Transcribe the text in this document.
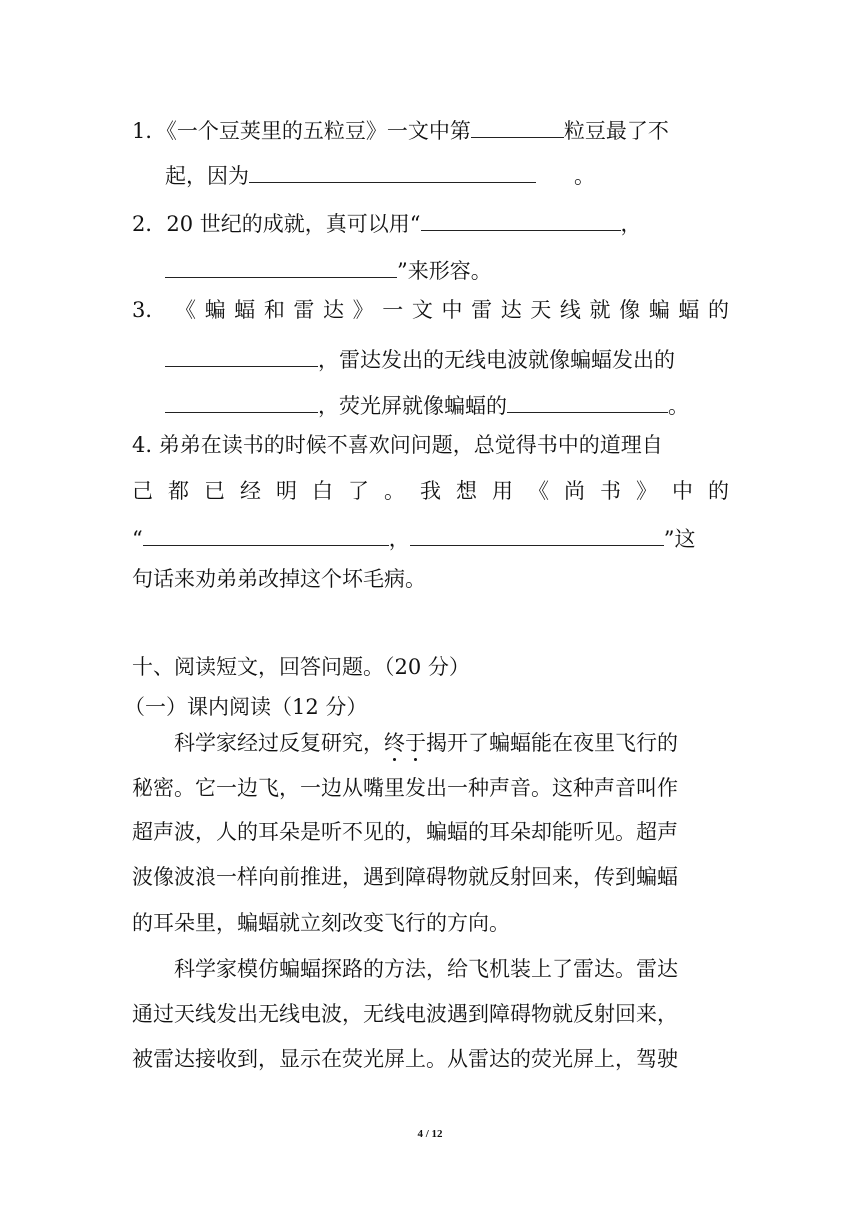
1．《一个豆荚里的五粒豆》一文中第	粒豆最了不
起，因为	。
2．20 世纪的成就，真可以用“	，
”来形容。
3． 《 蝙 蝠 和 雷 达 》 一 文 中 雷 达 天 线 就 像 蝙 蝠 的
，雷达发出的无线电波就像蝙蝠发出的
，荧光屏就像蝙蝠的	。
4. 弟弟在读书的时候不喜欢问问题，总觉得书中的道理自
己 都 已 经 明 白 了 。 我 想 用 《 尚 书 》 中 的
“	，	”这
句话来劝弟弟改掉这个坏毛病。
十、阅读短文，回答问题。（20 分）
（一）课内阅读（12 分）
科学家经过反复研究，终于揭开了蝙蝠能在夜里飞行的
秘密。它一边飞，一边从嘴里发出一种声音。这种声音叫作
超声波，人的耳朵是听不见的，蝙蝠的耳朵却能听见。超声
波像波浪一样向前推进，遇到障碍物就反射回来，传到蝙蝠
的耳朵里，蝙蝠就立刻改变飞行的方向。
科学家模仿蝙蝠探路的方法，给飞机装上了雷达。雷达
通过天线发出无线电波，无线电波遇到障碍物就反射回来，
被雷达接收到，显示在荧光屏上。从雷达的荧光屏上，驾驶
4 / 12
